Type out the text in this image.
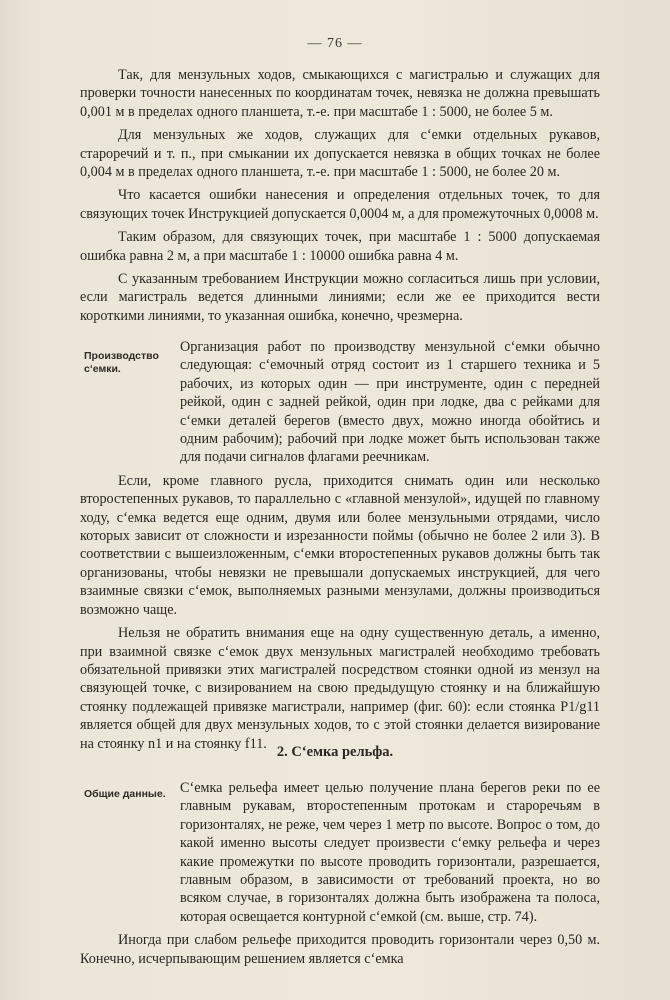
— 76 —

Так, для мензульных ходов, смыкающихся с магистралью и служащих для проверки точности нанесенных по координатам точек, невязка не должна превышать 0,001 м в пределах одного планшета, т.-е. при масштабе 1 : 5000, не более 5 м.

Для мензульных же ходов, служащих для с‘емки отдельных рукавов, староречий и т. п., при смыкании их допускается невязка в общих точках не более 0,004 м в пределах одного планшета, т.-е. при масштабе 1 : 5000, не более 20 м.

Что касается ошибки нанесения и определения отдельных точек, то для связующих точек Инструкцией допускается 0,0004 м, а для промежуточных 0,0008 м.

Таким образом, для связующих точек, при масштабе 1 : 5000 допускаемая ошибка равна 2 м, а при масштабе 1 : 10000 ошибка равна 4 м.

С указанным требованием Инструкции можно согласиться лишь при условии, если магистраль ведется длинными линиями; если же ее приходится вести короткими линиями, то указанная ошибка, конечно, чрезмерна.

Производство с‘емки.

Организация работ по производству мензульной с‘емки обычно следующая: с‘емочный отряд состоит из 1 старшего техника и 5 рабочих, из которых один — при инструменте, один с передней рейкой, один с задней рейкой, один при лодке, два с рейками для с‘емки деталей берегов (вместо двух, можно иногда обойтись и одним рабочим); рабочий при лодке может быть использован также для подачи сигналов флагами реечникам.

Если, кроме главного русла, приходится снимать один или несколько второстепенных рукавов, то параллельно с «главной мензулой», идущей по главному ходу, с‘емка ведется еще одним, двумя или более мензульными отрядами, число которых зависит от сложности и изрезанности поймы (обычно не более 2 или 3). В соответствии с вышеизложенным, с‘емки второстепенных рукавов должны быть так организованы, чтобы невязки не превышали допускаемых инструкцией, для чего взаимные связки с‘емок, выполняемых разными мензулами, должны производиться возможно чаще.

Нельзя не обратить внимания еще на одну существенную деталь, а именно, при взаимной связке с‘емок двух мензульных магистралей необходимо требовать обязательной привязки этих магистралей посредством стоянки одной из мензул на связующей точке, с визированием на свою предыдущую стоянку и на ближайшую стоянку подлежащей привязке магистрали, например (фиг. 60): если стоянка P1/g11 является общей для двух мензульных ходов, то с этой стоянки делается визирование на стоянку n1 и на стоянку f11.

2. С‘емка рельфа.
Общие данные.	С‘емка рельефа имеет целью получение плана берегов реки по ее главным рукавам, второстепенным протокам и староречьям в горизонталях, не реже, чем через 1 метр по высоте. Вопрос о том, до какой именно высоты следует произвести с‘емку рельефа и через какие промежутки по высоте проводить горизонтали, разрешается, главным образом, в зависимости от требований проекта, но во всяком случае, в горизонталях должна быть изображена та полоса, которая освещается контурной с‘емкой (см. выше, стр. 74).

Иногда при слабом рельефе приходится проводить горизонтали через 0,50 м. Конечно, исчерпывающим решением является с‘емка
